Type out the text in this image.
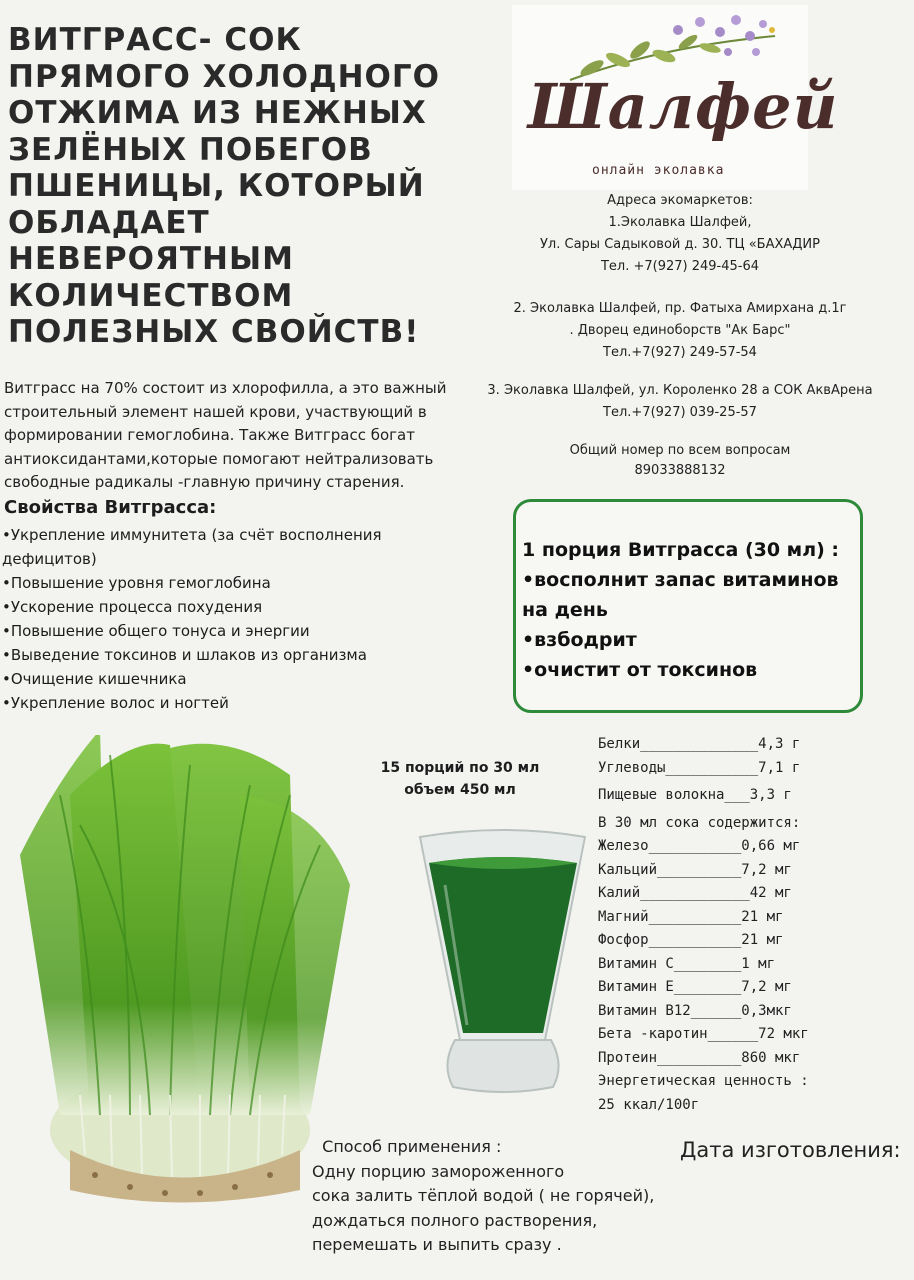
ВИТГРАСС- СОК
ПРЯМОГО ХОЛОДНОГО
ОТЖИМА ИЗ НЕЖНЫХ
ЗЕЛЁНЫХ ПОБЕГОВ
ПШЕНИЦЫ, КОТОРЫЙ
ОБЛАДАЕТ
НЕВЕРОЯТНЫМ
КОЛИЧЕСТВОМ
ПОЛЕЗНЫХ СВОЙСТВ!
Витграсс на 70% состоит из хлорофилла, а это важный
строительный элемент нашей крови, участвующий в
формировании гемоглобина. Также Витграсс богат
антиоксидантами,которые помогают нейтрализовать
свободные радикалы -главную причину старения.
Свойства Витграсса:
•Укрепление иммунитета (за счёт восполнения
дефицитов)
•Повышение уровня гемоглобина
•Ускорение процесса похудения
•Повышение общего тонуса и энергии
•Выведение токсинов и шлаков из организма
•Очищение кишечника
•Укрепление волос и ногтей
Шалфей
онлайн эколавка
Адреса экомаркетов:
1.Эколавка Шалфей,
Ул. Сары Садыковой д. 30. ТЦ «БАХАДИР
Тел. +7(927) 249-45-64
2. Эколавка Шалфей, пр. Фатыха Амирхана д.1г
. Дворец единоборств "Ак Барс"
Тел.+7(927) 249-57-54
3. Эколавка Шалфей, ул. Короленко 28 а СОК АквАрена
Тел.+7(927) 039-25-57
Общий номер по всем вопросам
89033888132
1 порция Витграсса (30 мл) :
•восполнит запас витаминов
на день
•взбодрит
•очистит от токсинов
15 порций по 30 мл
объем 450 мл
Белки______________4,3 г
Углеводы___________7,1 г
Пищевые волокна___3,3 г
В 30 мл сока содержится:
Железо___________0,66 мг
Кальций__________7,2 мг
Калий_____________42 мг
Магний___________21 мг
Фосфор___________21 мг
Витамин С________1 мг
Витамин Е________7,2 мг
Витамин В12______0,3мкг
Бета -каротин______72 мкг
Протеин__________860 мкг
Энергетическая ценность :
25 ккал/100г
Способ применения :
Одну порцию замороженного
сока залить тёплой водой ( не горячей),
дождаться полного растворения,
перемешать и выпить сразу .
Дата изготовления:
